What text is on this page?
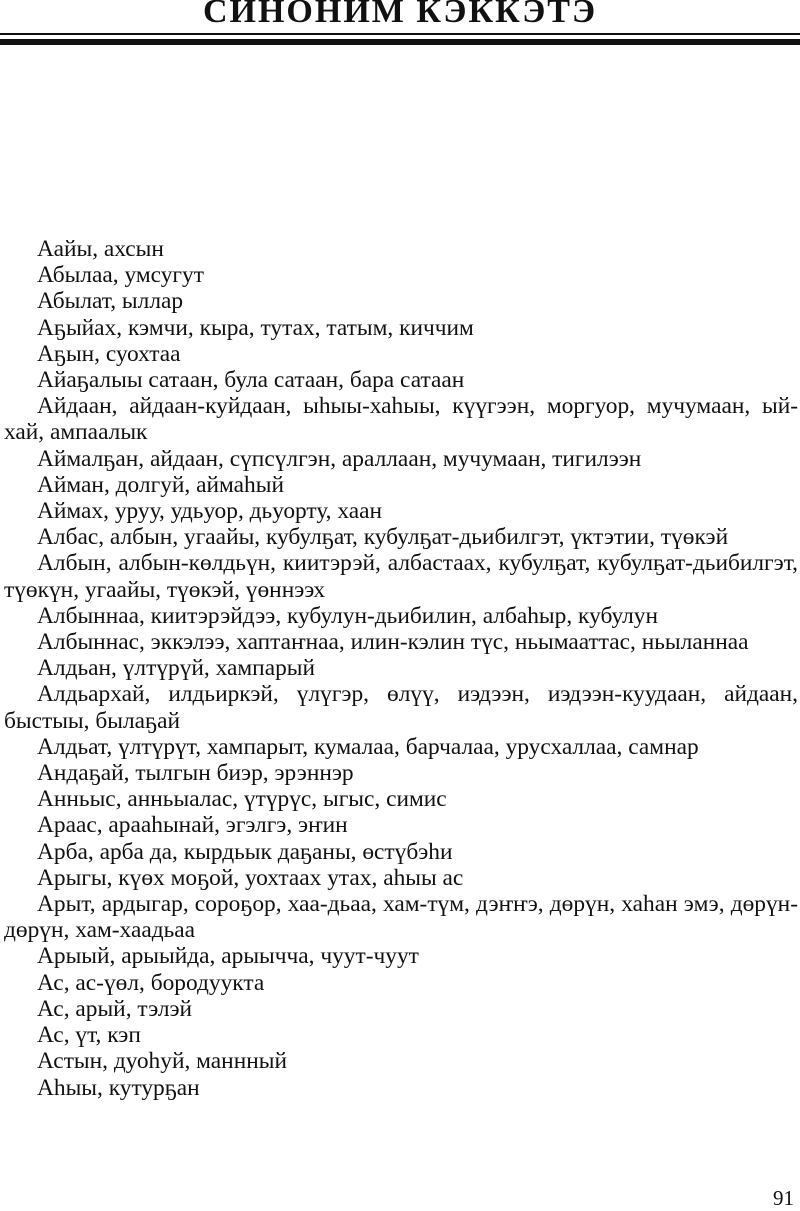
СИНОНИМ КЭККЭТЭ
Аайы, ахсын
Абылаа, умсугут
Абылат, ыллар
Аҕыйах, кэмчи, кыра, тутах, татым, киччим
Аҕын, суохтаа
Айаҕалыы сатаан, була сатаан, бара сатаан
Айдаан, айдаан-куйдаан, ыһыы-хаһыы, күүгээн, моргуор, мучумаан, ый-хай, ампаалык
Аймалҕан, айдаан, сүпсүлгэн, араллаан, мучумаан, тигилээн
Айман, долгуй, аймаһый
Аймах, уруу, удьуор, дьуорту, хаан
Албас, албын, угаайы, кубулҕат, кубулҕат-дьибилгэт, үктэтии, түөкэй
Албын, албын-көлдьүн, киитэрэй, албастаах, кубулҕат, кубулҕат-дьибилгэт, түөкүн, угаайы, түөкэй, үөннээх
Албыннаа, киитэрэйдээ, кубулун-дьибилин, албаһыр, кубулун
Албыннас, эккэлээ, хаптаҥнаа, илин-кэлин түс, ньымааттас, ньыланнаа
Алдьан, үлтүрүй, хампарый
Алдьархай, илдьиркэй, үлүгэр, өлүү, иэдээн, иэдээн-куудаан, айдаан, быстыы, былаҕай
Алдьат, үлтүрүт, хампарыт, кумалаа, барчалаа, урусхаллаа, самнар
Андаҕай, тылгын биэр, эрэннэр
Анньыс, анньыалас, үтүрүс, ыгыс, симис
Араас, арааһынай, эгэлгэ, эҥин
Арба, арба да, кырдьык даҕаны, өстүбэһи
Арыгы, күөх моҕой, уохтаах утах, аһыы ас
Арыт, ардыгар, сороҕор, хаа-дьаа, хам-түм, дэҥҥэ, дөрүн, хаһан эмэ, дөрүн-дөрүн, хам-хаадьаа
Арыый, арыыйда, арыычча, чуут-чуут
Ас, ас-үөл, бородуукта
Ас, арый, тэлэй
Ас, үт, кэп
Астын, дуоһуй, маннный
Аһыы, кутурҕан
91
